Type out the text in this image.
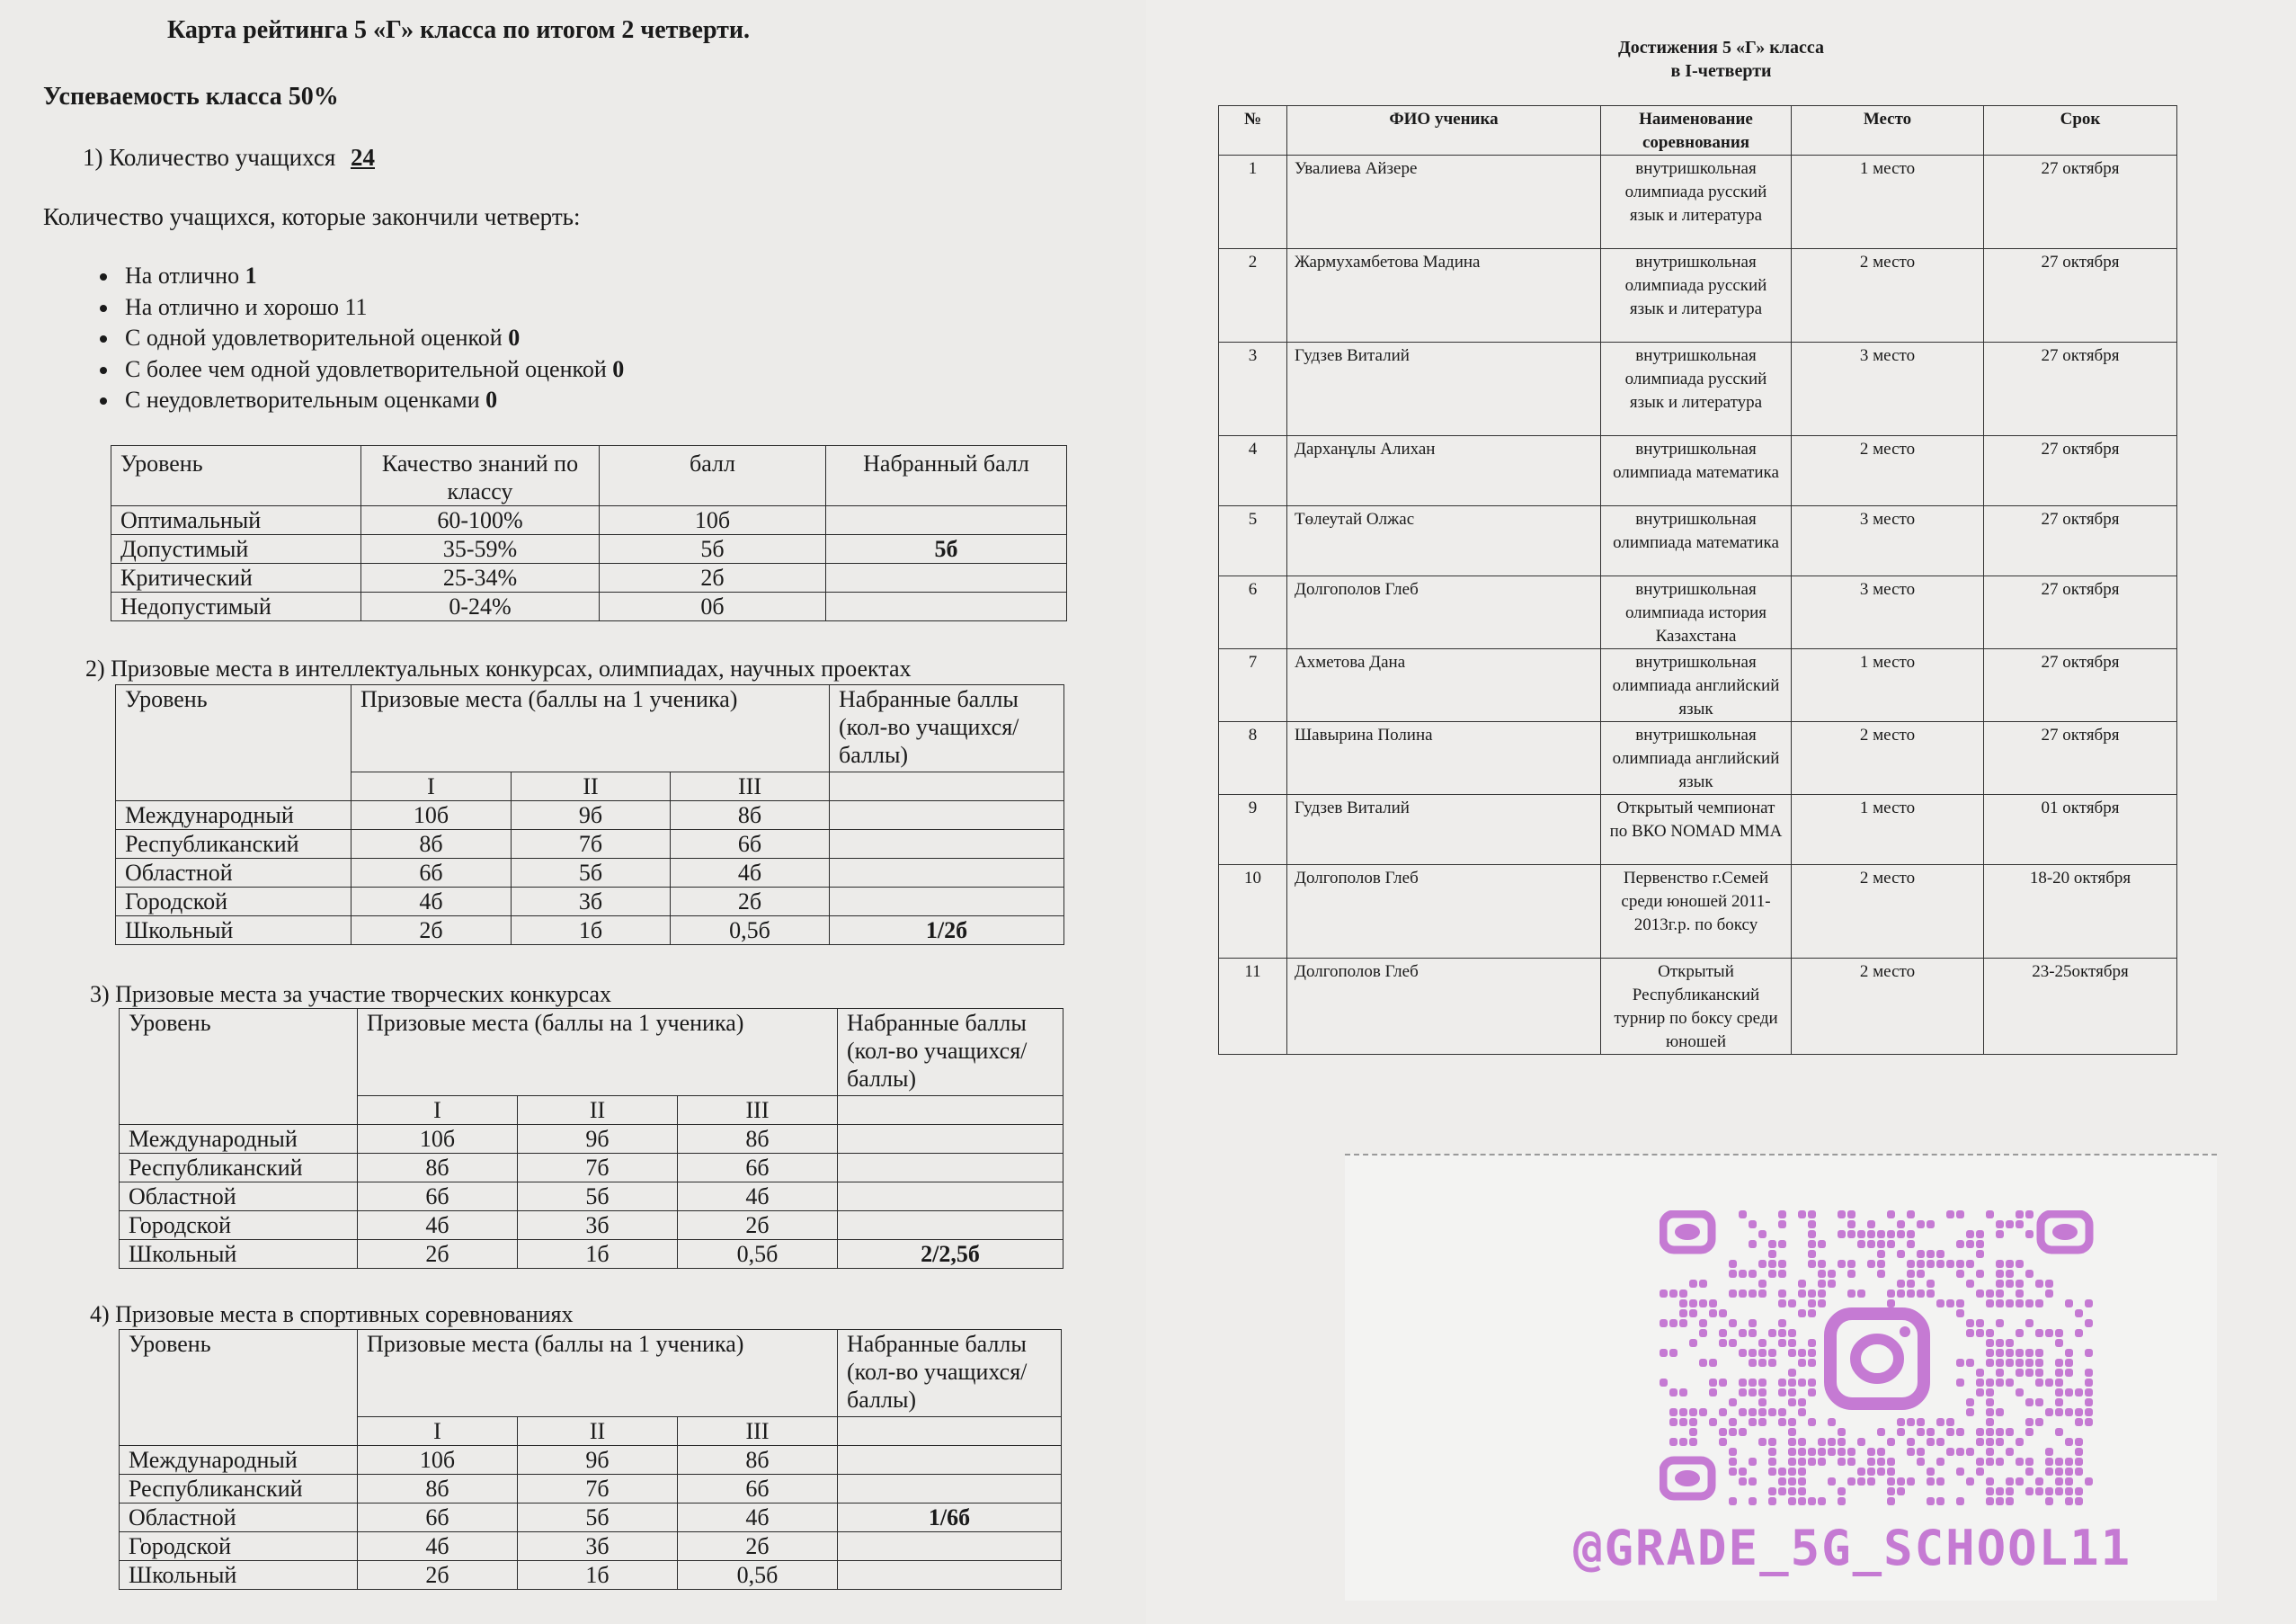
Карта рейтинга 5 «Г» класса по итогом 2 четверти.
Успеваемость класса 50%
1) Количество учащихся 24
Количество учащихся, которые закончили четверть:
• На отлично 1
• На отлично и хорошо 11
• С одной удовлетворительной оценкой 0
• С более чем одной удовлетворительной оценкой 0
• С неудовлетворительным оценками 0
Уровень	Качество знаний по классу	балл	Набранный балл
Оптимальный	60-100%	10б	
Допустимый	35-59%	5б	5б
Критический	25-34%	2б	
Недопустимый	0-24%	0б	
2) Призовые места в интеллектуальных конкурсах, олимпиадах, научных проектах
Уровень	Призовые места (баллы на 1 ученика)			Набранные баллы (кол-во учащихся/баллы)
	I	II	III	
Международный	10б	9б	8б	
Республиканский	8б	7б	6б	
Областной	6б	5б	4б	
Городской	4б	3б	2б	
Школьный	2б	1б	0,5б	1/2б
3) Призовые места за участие творческих конкурсах
Уровень	Призовые места (баллы на 1 ученика)			Набранные баллы (кол-во учащихся/баллы)
	I	II	III	
Международный	10б	9б	8б	
Республиканский	8б	7б	6б	
Областной	6б	5б	4б	
Городской	4б	3б	2б	
Школьный	2б	1б	0,5б	2/2,5б
4) Призовые места в спортивных соревнованиях
Уровень	Призовые места (баллы на 1 ученика)			Набранные баллы (кол-во учащихся/баллы)
	I	II	III	
Международный	10б	9б	8б	
Республиканский	8б	7б	6б	
Областной	6б	5б	4б	1/6б
Городской	4б	3б	2б	
Школьный	2б	1б	0,5б	
Достижения 5 «Г» класса
в I-четверти
№	ФИО ученика	Наименование соревнования	Место	Срок
1	Увалиева Айзере	внутришкольная олимпиада русский язык и литература	1 место	27 октября
2	Жармухамбетова Мадина	внутришкольная олимпиада русский язык и литература	2 место	27 октября
3	Гудзев Виталий	внутришкольная олимпиада русский язык и литература	3 место	27 октября
4	Дарханұлы Алихан	внутришкольная олимпиада математика	2 место	27 октября
5	Төлеутай Олжас	внутришкольная олимпиада математика	3 место	27 октября
6	Долгополов Глеб	внутришкольная олимпиада история Казахстана	3 место	27 октября
7	Ахметова Дана	внутришкольная олимпиада английский язык	1 место	27 октября
8	Шавырина Полина	внутришкольная олимпиада английский язык	2 место	27 октября
9	Гудзев Виталий	Открытый чемпионат по ВКО NOMAD MMA	1 место	01 октября
10	Долгополов Глеб	Первенство г.Семей среди юношей 2011-2013г.р. по боксу	2 место	18-20 октября
11	Долгополов Глеб	Открытый Республиканский турнир по боксу среди юношей	2 место	23-25октября
@GRADE_5G_SCHOOL11
